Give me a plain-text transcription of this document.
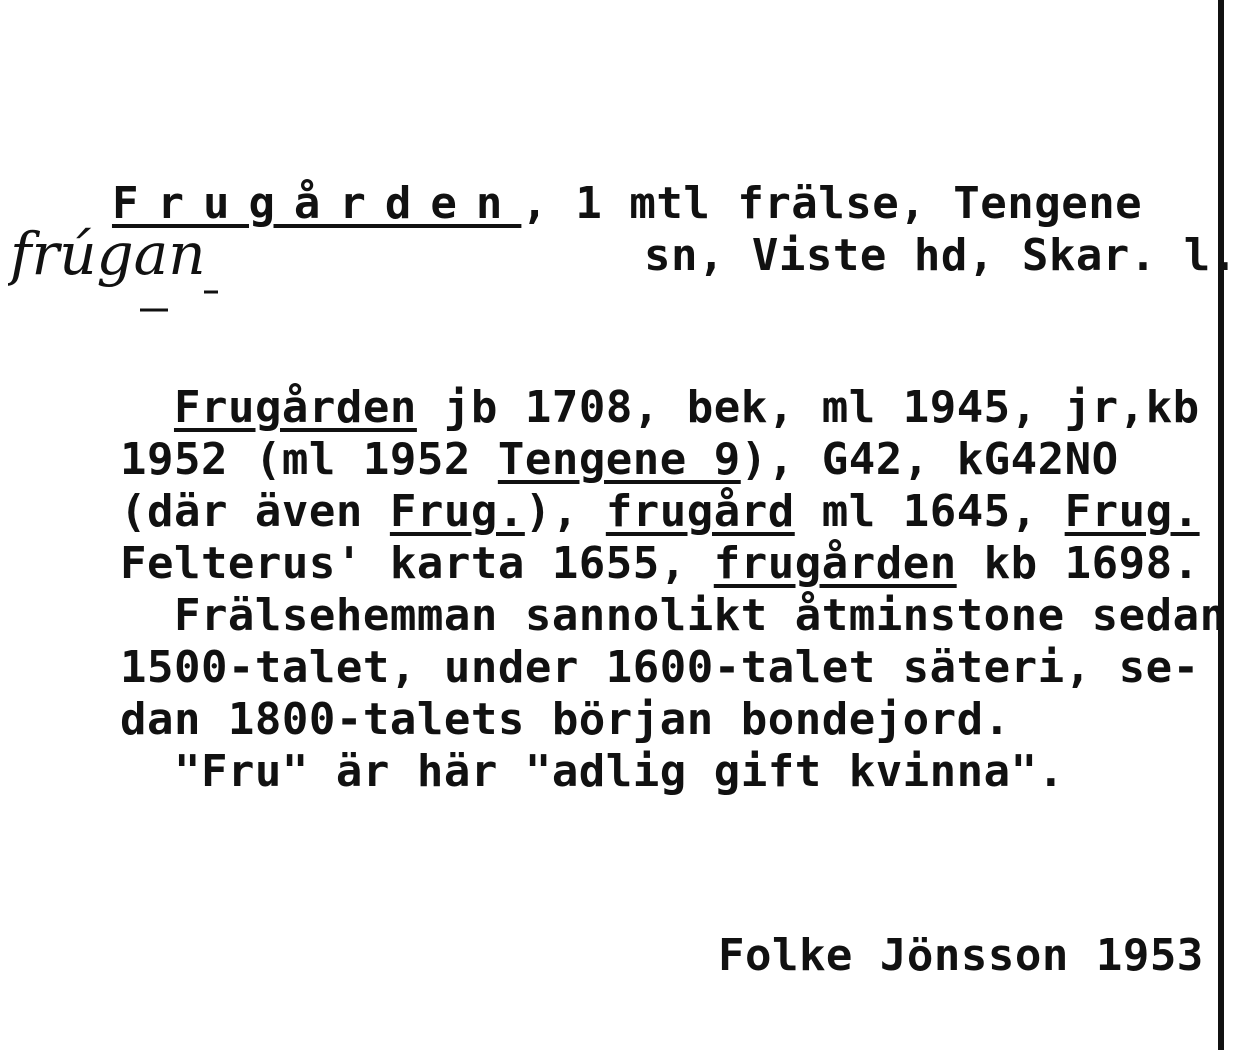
Frugården, 1 mtl frälse, Tengene

sn, Viste hd, Skar. l.

frúgan

Frugården jb 1708, bek, ml 1945, jr,kb

1952 (ml 1952 Tengene 9), G42, kG42NO

(där även Frug.), frugård ml 1645, Frug.

Felterus' karta 1655, frugården kb 1698.

Frälsehemman sannolikt åtminstone sedan

1500-talet, under 1600-talet säteri, se-

dan 1800-talets början bondejord.

"Fru" är här "adlig gift kvinna".

Folke Jönsson 1953
